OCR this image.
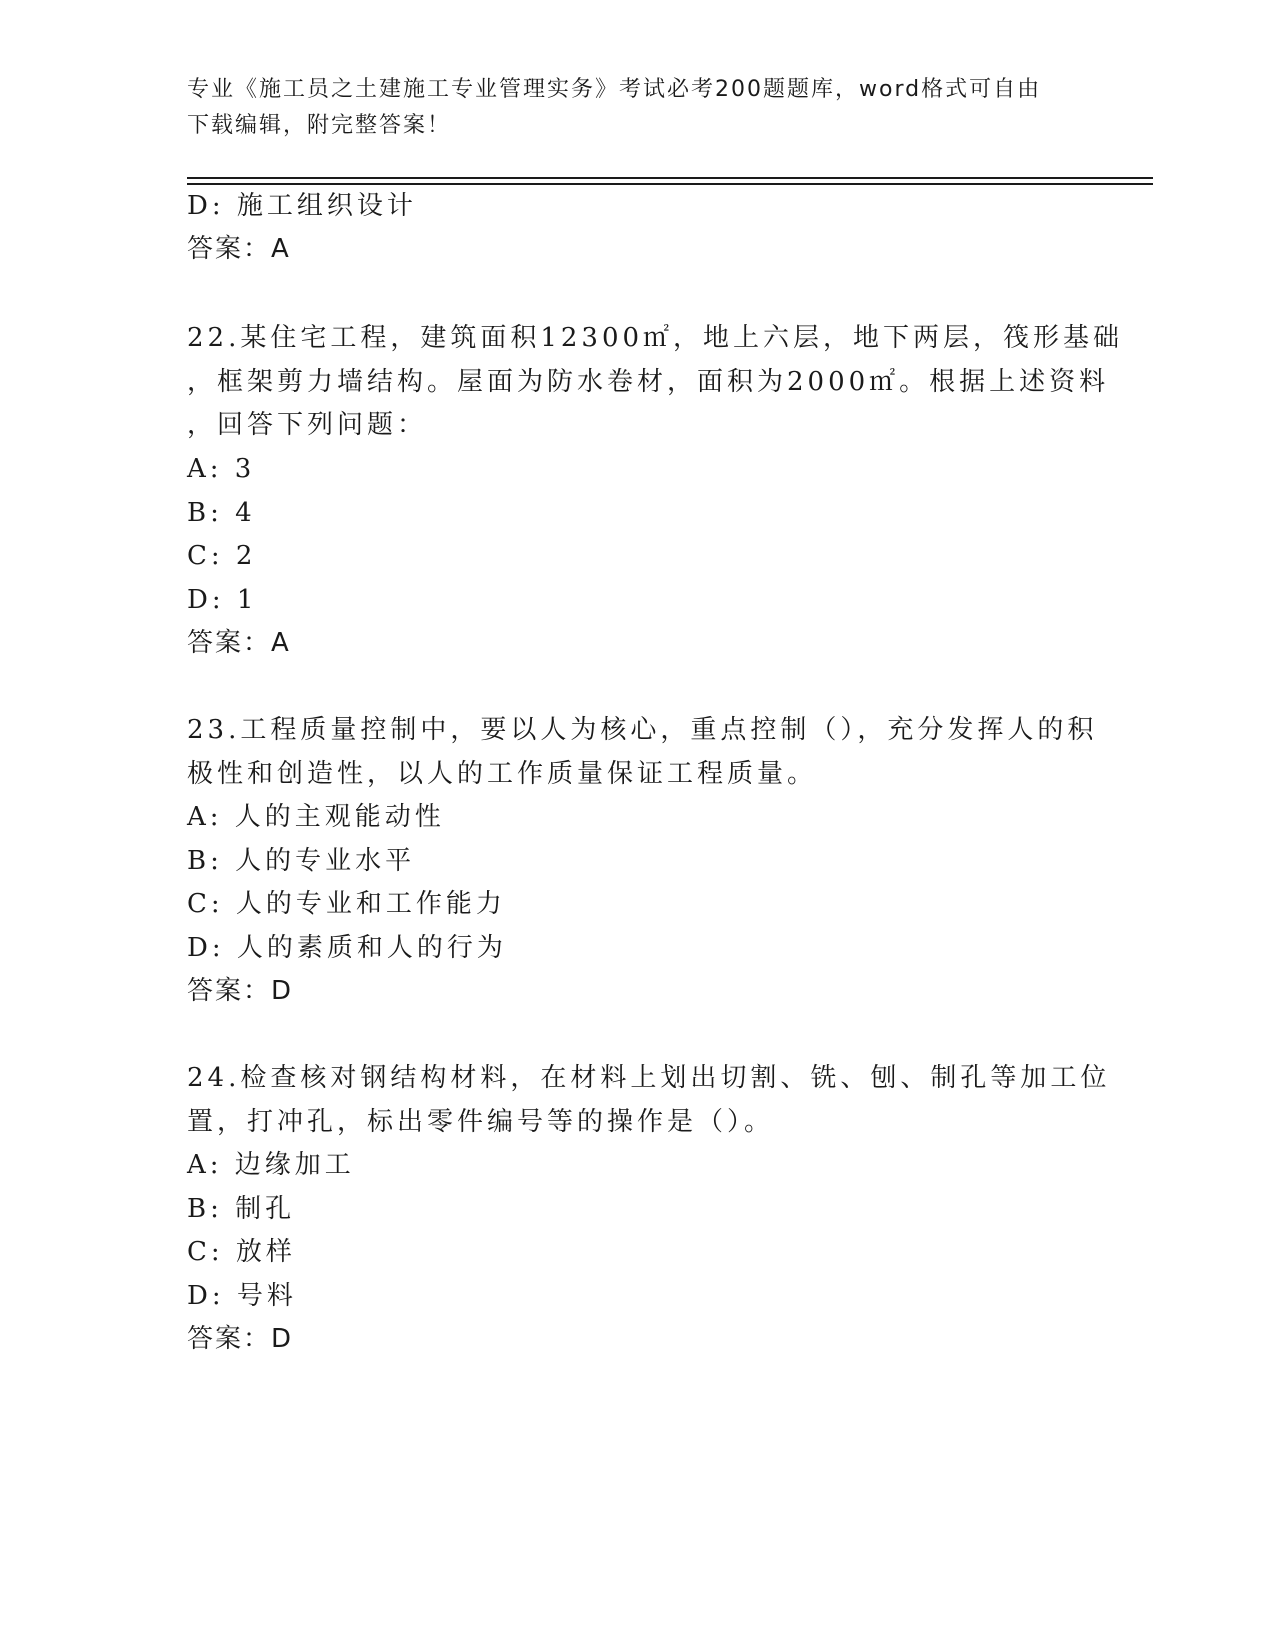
专业《施工员之土建施工专业管理实务》考试必考200题题库，word格式可自由
下载编辑，附完整答案！
D: 施工组织设计
答案：A
22.某住宅工程，建筑面积12300㎡，地上六层，地下两层，筏形基础
，框架剪力墙结构。屋面为防水卷材，面积为2000㎡。根据上述资料
，回答下列问题：
A: 3
B: 4
C: 2
D: 1
答案：A
23.工程质量控制中，要以人为核心，重点控制（），充分发挥人的积
极性和创造性，以人的工作质量保证工程质量。
A: 人的主观能动性
B: 人的专业水平
C: 人的专业和工作能力
D: 人的素质和人的行为
答案：D
24.检查核对钢结构材料，在材料上划出切割、铣、刨、制孔等加工位
置，打冲孔，标出零件编号等的操作是（）。
A: 边缘加工
B: 制孔
C: 放样
D: 号料
答案：D
